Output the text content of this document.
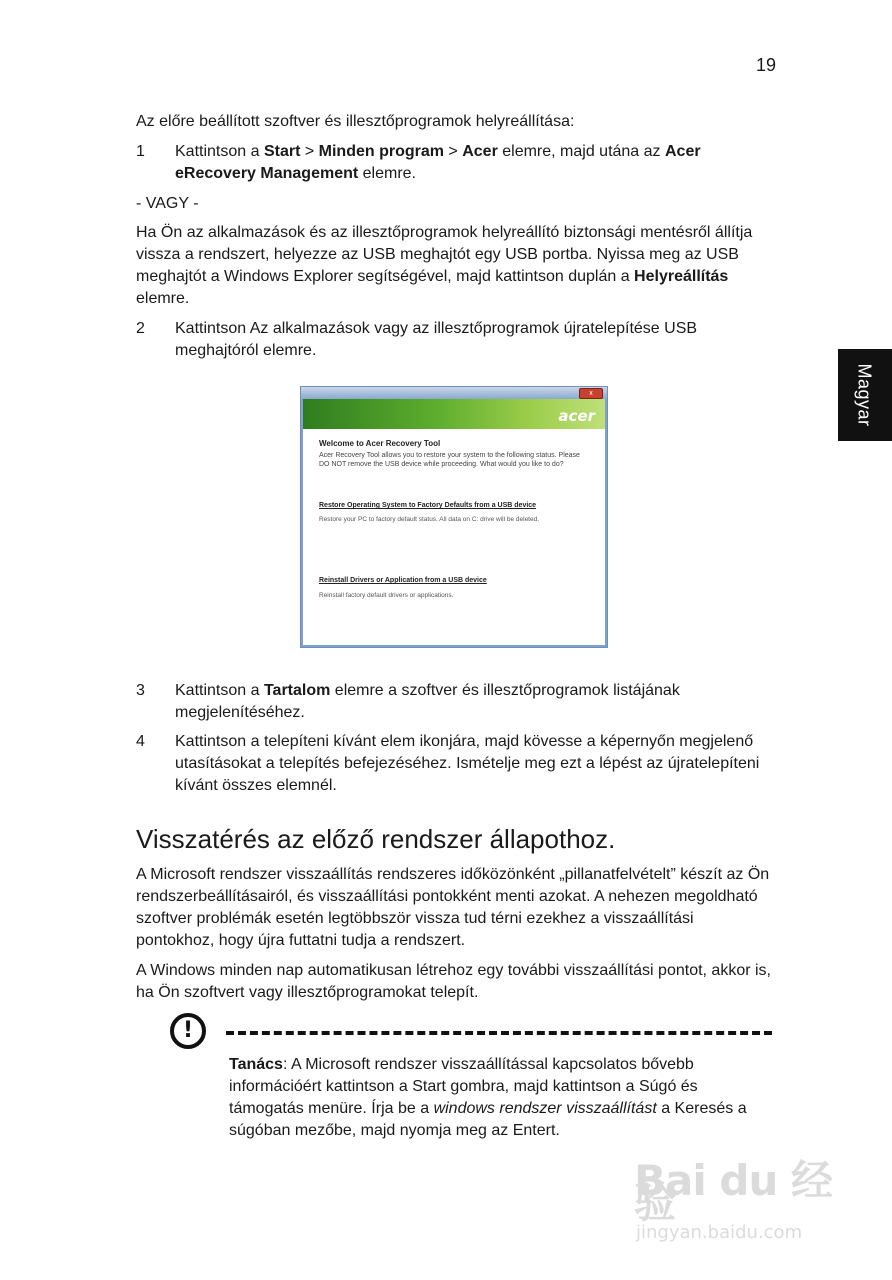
19
Magyar
Az előre beállított szoftver és illesztőprogramok helyreállítása:
1	Kattintson a Start > Minden program > Acer elemre, majd utána az Acer eRecovery Management elemre.
- VAGY -
Ha Ön az alkalmazások és az illesztőprogramok helyreállító biztonsági mentésről állítja vissza a rendszert, helyezze az USB meghajtót egy USB portba. Nyissa meg az USB meghajtót a Windows Explorer segítségével, majd kattintson duplán a Helyreállítás elemre.
2	Kattintson Az alkalmazások vagy az illesztőprogramok újratelepítése USB meghajtóról elemre.
x
acer
Welcome to Acer Recovery Tool
Acer Recovery Tool allows you to restore your system to the following status. Please DO NOT remove the USB device while proceeding. What would you like to do?
Restore Operating System to Factory Defaults from a USB device
Restore your PC to factory default status. All data on C: drive will be deleted.
Reinstall Drivers or Application from a USB device
Reinstall factory default drivers or applications.
3	Kattintson a Tartalom elemre a szoftver és illesztőprogramok listájának megjelenítéséhez.
4	Kattintson a telepíteni kívánt elem ikonjára, majd kövesse a képernyőn megjelenő utasításokat a telepítés befejezéséhez. Ismételje meg ezt a lépést az újratelepíteni kívánt összes elemnél.
Visszatérés az előző rendszer állapothoz.
A Microsoft rendszer visszaállítás rendszeres időközönként „pillanatfelvételt” készít az Ön rendszerbeállításairól, és visszaállítási pontokként menti azokat. A nehezen megoldható szoftver problémák esetén legtöbbször vissza tud térni ezekhez a visszaállítási pontokhoz, hogy újra futtatni tudja a rendszert.
A Windows minden nap automatikusan létrehoz egy további visszaállítási pontot, akkor is, ha Ön szoftvert vagy illesztőprogramokat telepít.
!
Tanács: A Microsoft rendszer visszaállítással kapcsolatos bővebb információért kattintson a Start gombra, majd kattintson a Súgó és támogatás menüre. Írja be a windows rendszer visszaállítást a Keresés a súgóban mezőbe, majd nyomja meg az Entert.
Bai du 经验
jingyan.baidu.com
